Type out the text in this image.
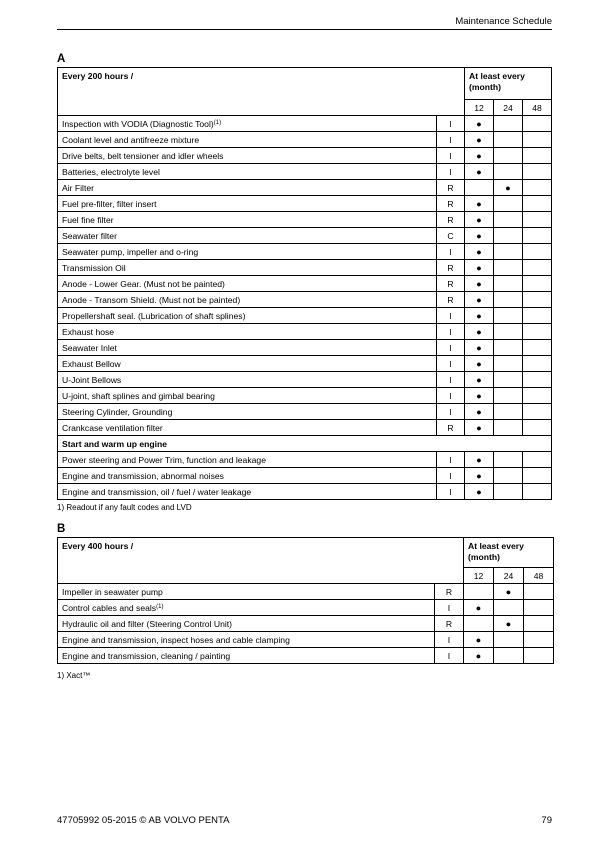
Maintenance Schedule
A
Every 200 hours /		At least every
(month)		
		12	24	48
Inspection with VODIA (Diagnostic Tool)$^{(1)}$	I	●		
Coolant level and antifreeze mixture	I	●		
Drive belts, belt tensioner and idler wheels	I	●		
Batteries, electrolyte level	I	●		
Air Filter	R		●	
Fuel pre-filter, filter insert	R	●		
Fuel fine filter	R	●		
Seawater filter	C	●		
Seawater pump, impeller and o-ring	I	●		
Transmission Oil	R	●		
Anode - Lower Gear. (Must not be painted)	R	●		
Anode - Transom Shield. (Must not be painted)	R	●		
Propellershaft seal. (Lubrication of shaft splines)	I	●		
Exhaust hose	I	●		
Seawater Inlet	I	●		
Exhaust Bellow	I	●		
U-Joint Bellows	I	●		
U-joint, shaft splines and gimbal bearing	I	●		
Steering Cylinder, Grounding	I	●		
Crankcase ventilation filter	R	●		
Start and warm up engine				
Power steering and Power Trim, function and leakage	I	●		
Engine and transmission, abnormal noises	I	●		
Engine and transmission, oil / fuel / water leakage	I	●		
1) Readout if any fault codes and LVD
B
Every 400 hours /		At least every
(month)		
		12	24	48
Impeller in seawater pump	R		●	
Control cables and seals$^{(1)}$	I	●		
Hydraulic oil and filter (Steering Control Unit)	R		●	
Engine and transmission, inspect hoses and cable clamping	I	●		
Engine and transmission, cleaning / painting	I	●		
1) Xact™
47705992 05-2015 © AB VOLVO PENTA	79
